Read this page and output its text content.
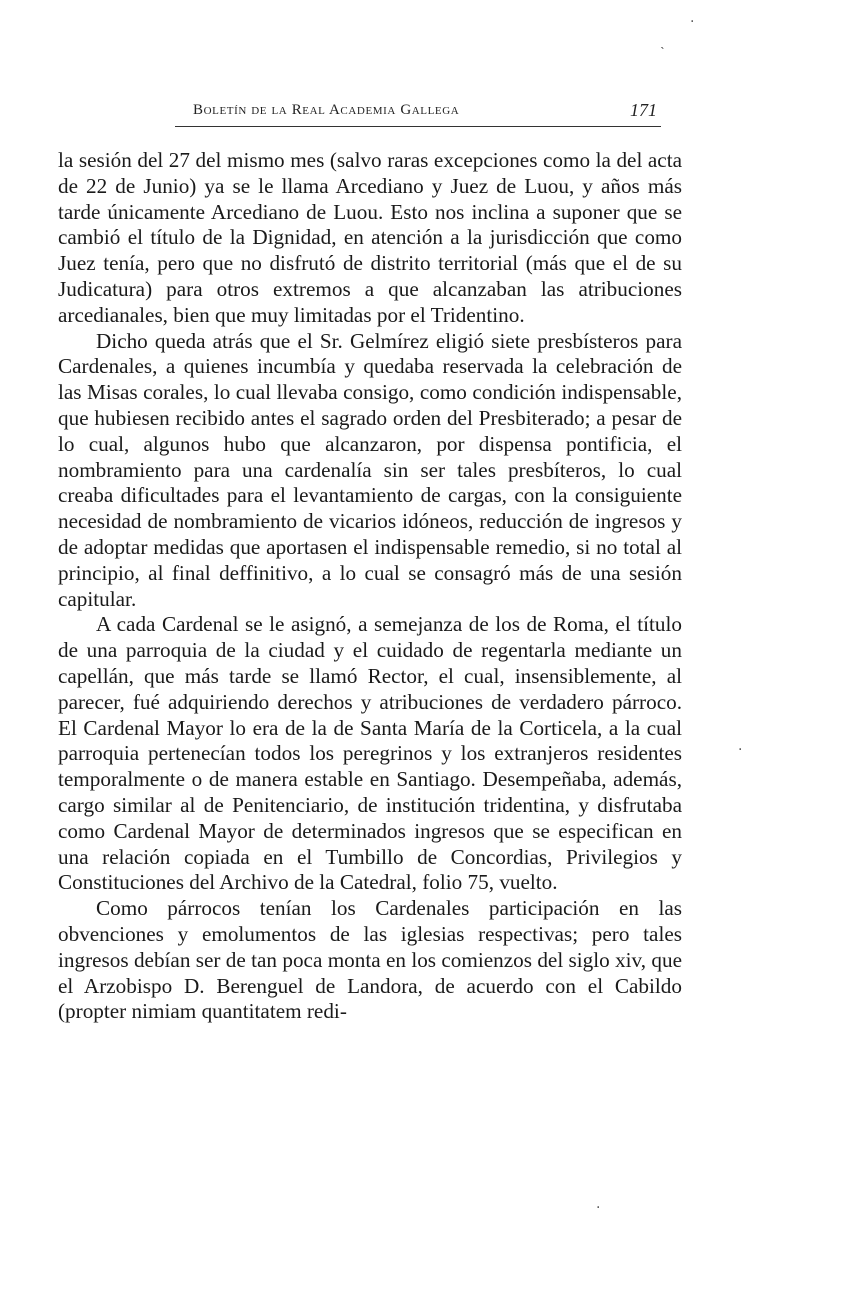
Boletín de la Real Academia Gallega	171

la sesión del 27 del mismo mes (salvo raras excepciones como la del acta de 22 de Junio) ya se le llama Arcediano y Juez de Luou, y años más tarde únicamente Arcediano de Luou. Esto nos inclina a suponer que se cambió el título de la Dignidad, en atención a la jurisdicción que como Juez tenía, pero que no disfrutó de distrito territorial (más que el de su Judicatura) para otros extremos a que alcanzaban las atribuciones arcedianales, bien que muy limitadas por el Tridentino.

Dicho queda atrás que el Sr. Gelmírez eligió siete presbísteros para Cardenales, a quienes incumbía y quedaba reservada la celebración de las Misas corales, lo cual llevaba consigo, como condición indispensable, que hubiesen recibido antes el sagrado orden del Presbiterado; a pesar de lo cual, algunos hubo que alcanzaron, por dispensa pontificia, el nombramiento para una cardenalía sin ser tales presbíteros, lo cual creaba dificultades para el levantamiento de cargas, con la consiguiente necesidad de nombramiento de vicarios idóneos, reducción de ingresos y de adoptar medidas que aportasen el indispensable remedio, si no total al principio, al final deffinitivo, a lo cual se consagró más de una sesión capitular.

A cada Cardenal se le asignó, a semejanza de los de Roma, el título de una parroquia de la ciudad y el cuidado de regentarla mediante un capellán, que más tarde se llamó Rector, el cual, insensiblemente, al parecer, fué adquiriendo derechos y atribuciones de verdadero párroco. El Cardenal Mayor lo era de la de Santa María de la Corticela, a la cual parroquia pertenecían todos los peregrinos y los extranjeros residentes temporalmente o de manera estable en Santiago. Desempeñaba, además, cargo similar al de Penitenciario, de institución tridentina, y disfrutaba como Cardenal Mayor de determinados ingresos que se especifican en una relación copiada en el Tumbillo de Concordias, Privilegios y Constituciones del Archivo de la Catedral, folio 75, vuelto.

Como párrocos tenían los Cardenales participación en las obvenciones y emolumentos de las iglesias respectivas; pero tales ingresos debían ser de tan poca monta en los comienzos del siglo xiv, que el Arzobispo D. Berenguel de Landora, de acuerdo con el Cabildo (propter nimiam quantitatem redi-

·
˴
·
·
